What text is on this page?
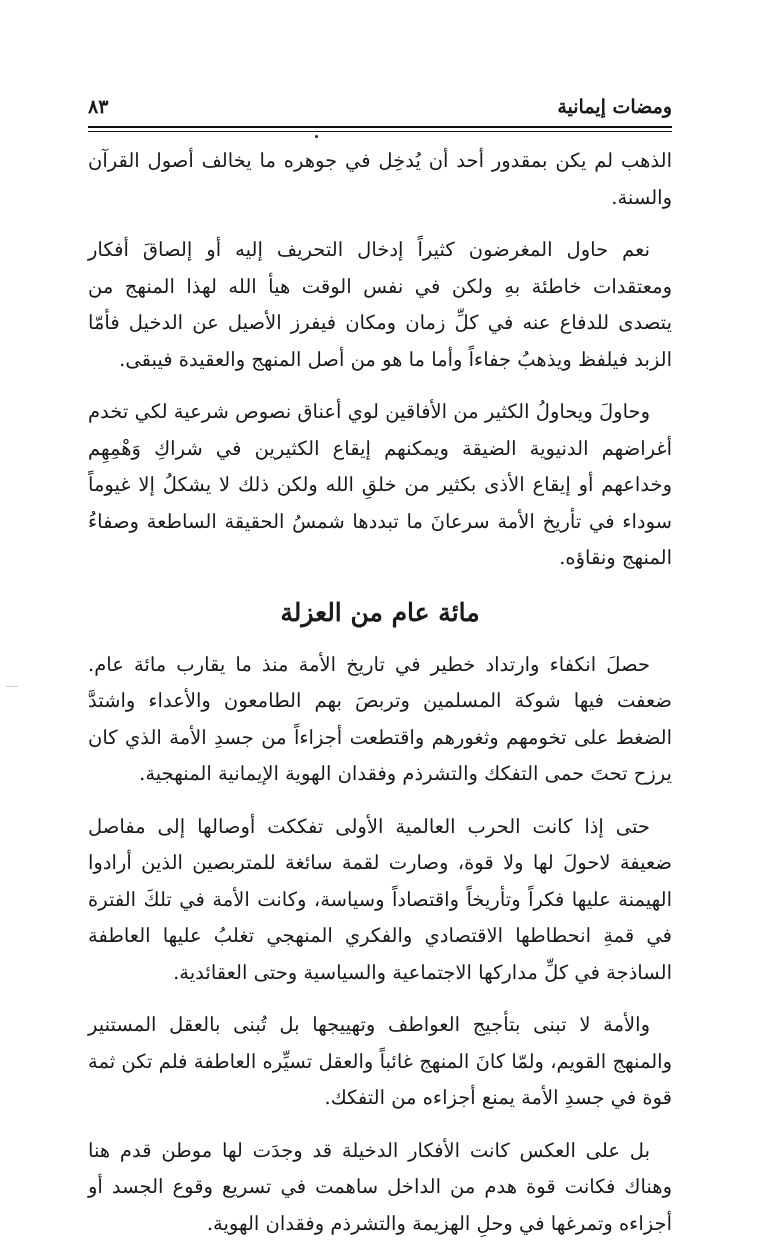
ومضات إيمانية
٨٣

الذهب لم يكن بمقدور أحد أن يُدخِل في جوهره ما يخالف أصول القرآن والسنة.

نعم حاول المغرضون كثيراً إدخال التحريف إليه أو إلصاقَ أفكار ومعتقدات خاطئة بهِ ولكن في نفس الوقت هيأ الله لهذا المنهج من يتصدى للدفاع عنه في كلِّ زمان ومكان فيفرز الأصيل عن الدخيل فأمّا الزبد فيلفظ ويذهبُ جفاءاً وأما ما هو من أصل المنهج والعقيدة فيبقى.

وحاولَ ويحاولُ الكثير من الأفاقين لوي أعناق نصوص شرعية لكي تخدم أغراضهم الدنيوية الضيقة ويمكنهم إيقاع الكثيرين في شراكِ وَهْمِهِم وخداعهم أو إيقاع الأذى بكثير من خلقِ الله ولكن ذلك لا يشكلُ إلا غيوماً سوداء في تأريخ الأمة سرعانَ ما تبددها شمسُ الحقيقة الساطعة وصفاءُ المنهج ونقاؤه.

مائة عام من العزلة

حصلَ انكفاء وارتداد خطير في تاريخ الأمة منذ ما يقارب مائة عام. ضعفت فيها شوكة المسلمين وتربصَ بهم الطامعون والأعداء واشتدَّ الضغط على تخومهم وثغورهم واقتطعت أجزاءاً من جسدِ الأمة الذي كان يرزح تحتَ حمى التفكك والتشرذم وفقدان الهوية الإيمانية المنهجية.

حتى إذا كانت الحرب العالمية الأولى تفككت أوصالها إلى مفاصل ضعيفة لاحولَ لها ولا قوة، وصارت لقمة سائغة للمتربصين الذين أرادوا الهيمنة عليها فكراً وتأريخاً واقتصاداً وسياسة، وكانت الأمة في تلكَ الفترة في قمةِ انحطاطها الاقتصادي والفكري المنهجي تغلبُ عليها العاطفة الساذجة في كلِّ مداركها الاجتماعية والسياسية وحتى العقائدية.

والأمة لا تبنى بتأجيج العواطف وتهييجها بل تُبنى بالعقل المستنير والمنهج القويم، ولمّا كانَ المنهج غائباً والعقل تسيِّره العاطفة فلم تكن ثمة قوة في جسدِ الأمة يمنع أجزاءه من التفكك.

بل على العكس كانت الأفكار الدخيلة قد وجدَت لها موطن قدم هنا وهناك فكانت قوة هدم من الداخل ساهمت في تسريع وقوع الجسد أو أجزاءه وتمرغها في وحلِ الهزيمة والتشرذم وفقدان الهوية.
